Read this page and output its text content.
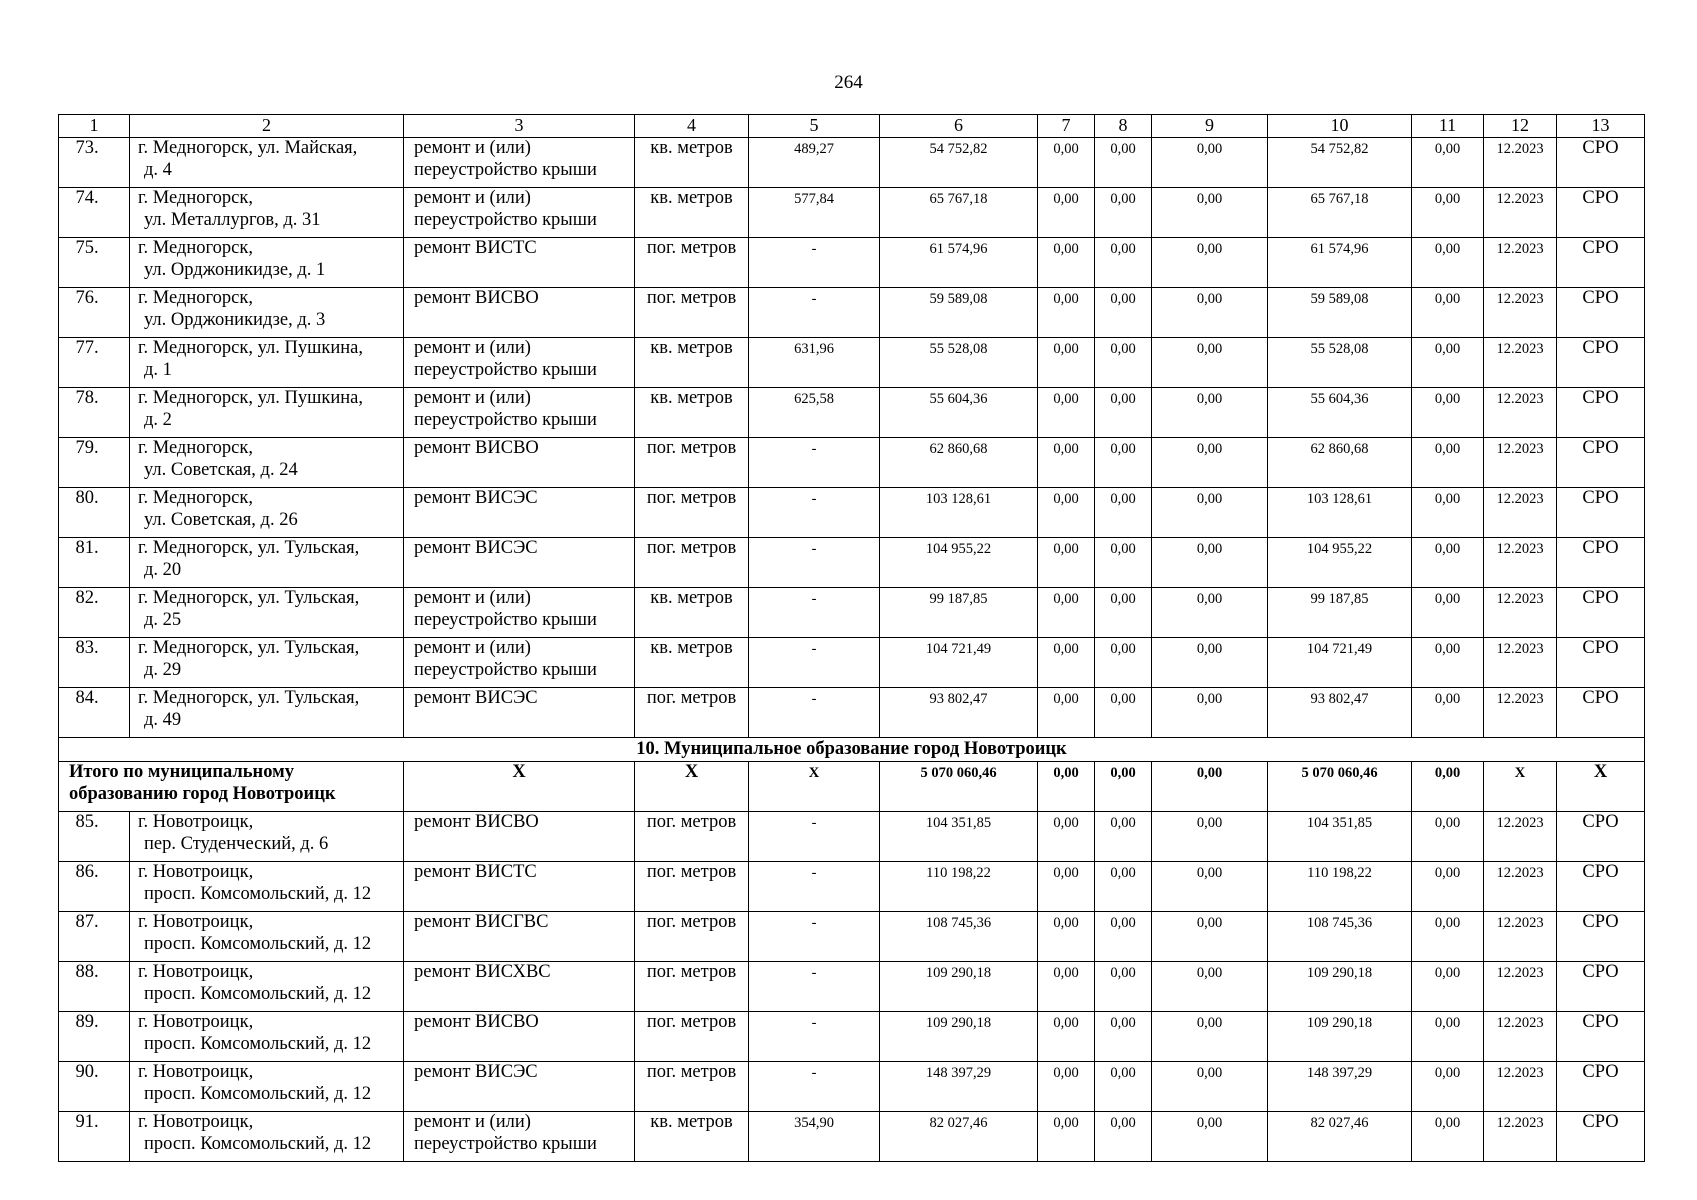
264
1	2	3	4	5	6	7	8	9	10	11	12	13
73.	г. Медногорск, ул. Майская,
д. 4	ремонт и (или)
переустройство крыши	кв. метров	489,27	54 752,82	0,00	0,00	0,00	54 752,82	0,00	12.2023	СРО
74.	г. Медногорск,
ул. Металлургов, д. 31	ремонт и (или)
переустройство крыши	кв. метров	577,84	65 767,18	0,00	0,00	0,00	65 767,18	0,00	12.2023	СРО
75.	г. Медногорск,
ул. Орджоникидзе, д. 1	ремонт ВИСТС	пог. метров	-	61 574,96	0,00	0,00	0,00	61 574,96	0,00	12.2023	СРО
76.	г. Медногорск,
ул. Орджоникидзе, д. 3	ремонт ВИСВО	пог. метров	-	59 589,08	0,00	0,00	0,00	59 589,08	0,00	12.2023	СРО
77.	г. Медногорск, ул. Пушкина,
д. 1	ремонт и (или)
переустройство крыши	кв. метров	631,96	55 528,08	0,00	0,00	0,00	55 528,08	0,00	12.2023	СРО
78.	г. Медногорск, ул. Пушкина,
д. 2	ремонт и (или)
переустройство крыши	кв. метров	625,58	55 604,36	0,00	0,00	0,00	55 604,36	0,00	12.2023	СРО
79.	г. Медногорск,
ул. Советская, д. 24	ремонт ВИСВО	пог. метров	-	62 860,68	0,00	0,00	0,00	62 860,68	0,00	12.2023	СРО
80.	г. Медногорск,
ул. Советская, д. 26	ремонт ВИСЭС	пог. метров	-	103 128,61	0,00	0,00	0,00	103 128,61	0,00	12.2023	СРО
81.	г. Медногорск, ул. Тульская,
д. 20	ремонт ВИСЭС	пог. метров	-	104 955,22	0,00	0,00	0,00	104 955,22	0,00	12.2023	СРО
82.	г. Медногорск, ул. Тульская,
д. 25	ремонт и (или)
переустройство крыши	кв. метров	-	99 187,85	0,00	0,00	0,00	99 187,85	0,00	12.2023	СРО
83.	г. Медногорск, ул. Тульская,
д. 29	ремонт и (или)
переустройство крыши	кв. метров	-	104 721,49	0,00	0,00	0,00	104 721,49	0,00	12.2023	СРО
84.	г. Медногорск, ул. Тульская,
д. 49	ремонт ВИСЭС	пог. метров	-	93 802,47	0,00	0,00	0,00	93 802,47	0,00	12.2023	СРО
10. Муниципальное образование город Новотроицк												
Итого по муниципальному
образованию город Новотроицк		Х	Х	Х	5 070 060,46	0,00	0,00	0,00	5 070 060,46	0,00	Х	Х
85.	г. Новотроицк,
пер. Студенческий, д. 6	ремонт ВИСВО	пог. метров	-	104 351,85	0,00	0,00	0,00	104 351,85	0,00	12.2023	СРО
86.	г. Новотроицк,
просп. Комсомольский, д. 12	ремонт ВИСТС	пог. метров	-	110 198,22	0,00	0,00	0,00	110 198,22	0,00	12.2023	СРО
87.	г. Новотроицк,
просп. Комсомольский, д. 12	ремонт ВИСГВС	пог. метров	-	108 745,36	0,00	0,00	0,00	108 745,36	0,00	12.2023	СРО
88.	г. Новотроицк,
просп. Комсомольский, д. 12	ремонт ВИСХВС	пог. метров	-	109 290,18	0,00	0,00	0,00	109 290,18	0,00	12.2023	СРО
89.	г. Новотроицк,
просп. Комсомольский, д. 12	ремонт ВИСВО	пог. метров	-	109 290,18	0,00	0,00	0,00	109 290,18	0,00	12.2023	СРО
90.	г. Новотроицк,
просп. Комсомольский, д. 12	ремонт ВИСЭС	пог. метров	-	148 397,29	0,00	0,00	0,00	148 397,29	0,00	12.2023	СРО
91.	г. Новотроицк,
просп. Комсомольский, д. 12	ремонт и (или)
переустройство крыши	кв. метров	354,90	82 027,46	0,00	0,00	0,00	82 027,46	0,00	12.2023	СРО
